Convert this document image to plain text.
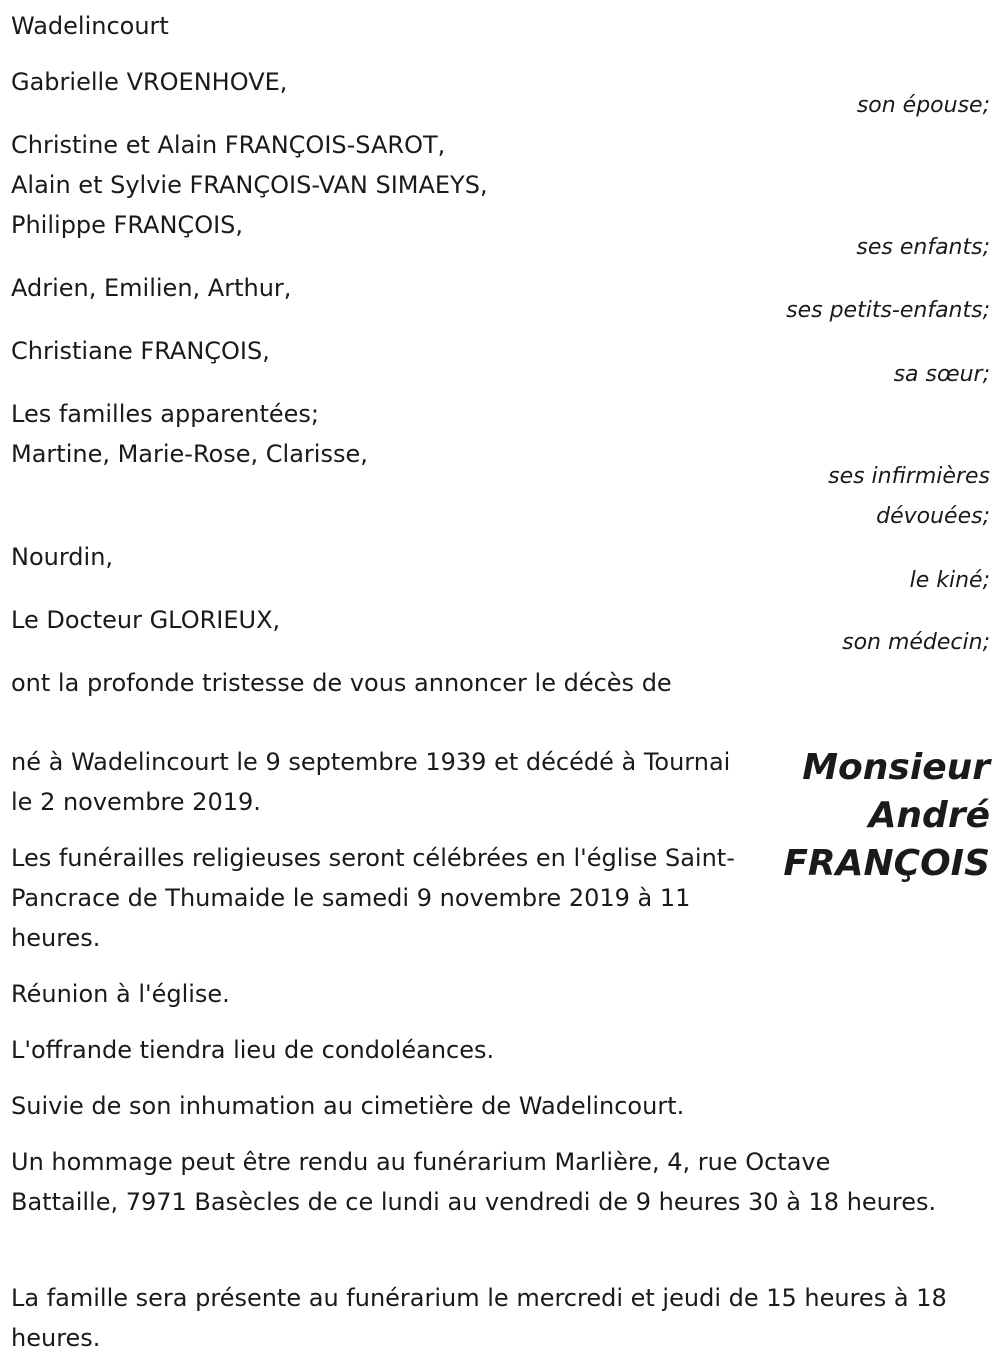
Wadelincourt
Gabrielle VROENHOVE,
son épouse;
Christine et Alain FRANÇOIS-SAROT,
Alain et Sylvie FRANÇOIS-VAN SIMAEYS,
Philippe FRANÇOIS,
ses enfants;
Adrien, Emilien, Arthur,
ses petits-enfants;
Christiane FRANÇOIS,
sa sœur;
Les familles apparentées;
Martine, Marie-Rose, Clarisse,
ses infirmières
dévouées;
Nourdin,
le kiné;
Le Docteur GLORIEUX,
son médecin;
ont la profonde tristesse de vous annoncer le décès de
Monsieur
André
FRANÇOIS
né à Wadelincourt le 9 septembre 1939 et décédé à Tournai le 2 novembre 2019.
Les funérailles religieuses seront célébrées en l'église Saint-Pancrace de Thumaide le samedi 9 novembre 2019 à 11 heures.
Réunion à l'église.
L'offrande tiendra lieu de condoléances.
Suivie de son inhumation au cimetière de Wadelincourt.
Un hommage peut être rendu au funérarium Marlière, 4, rue Octave Battaille, 7971 Basècles de ce lundi au vendredi de 9 heures 30 à 18 heures.
La famille sera présente au funérarium le mercredi et jeudi de 15 heures à 18 heures.
